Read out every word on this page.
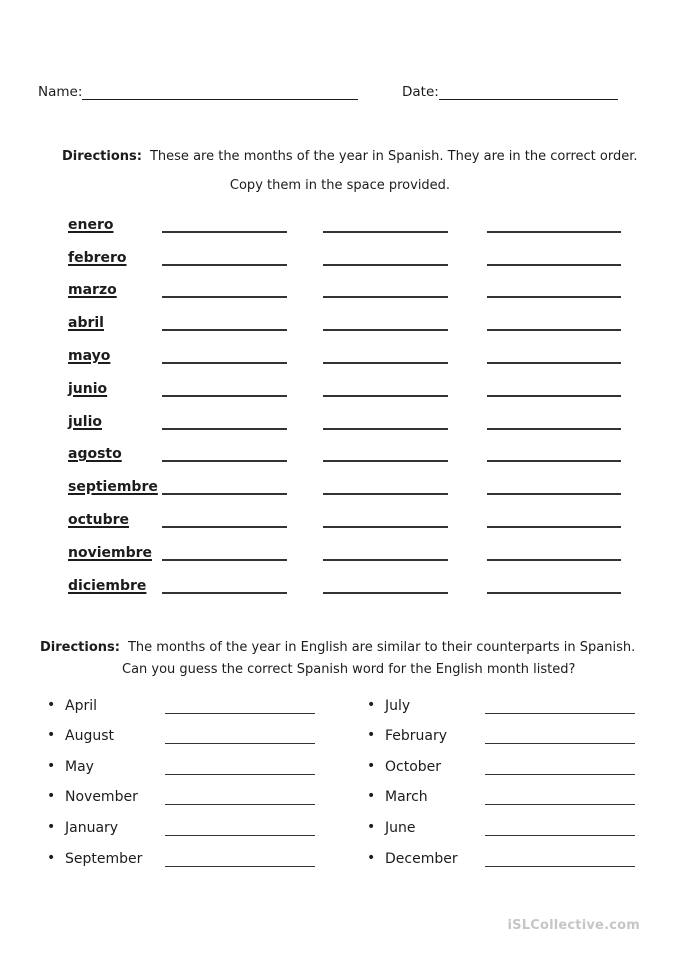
Name:	Date:
Directions: These are the months of the year in Spanish. They are in the correct order.
Copy them in the space provided.
enero
febrero
marzo
abril
mayo
junio
julio
agosto
septiembre
octubre
noviembre
diciembre
Directions: The months of the year in English are similar to their counterparts in Spanish.
Can you guess the correct Spanish word for the English month listed?
• April
• August
• May
• November
• January
• September
• July
• February
• October
• March
• June
• December
iSLCollective.com
